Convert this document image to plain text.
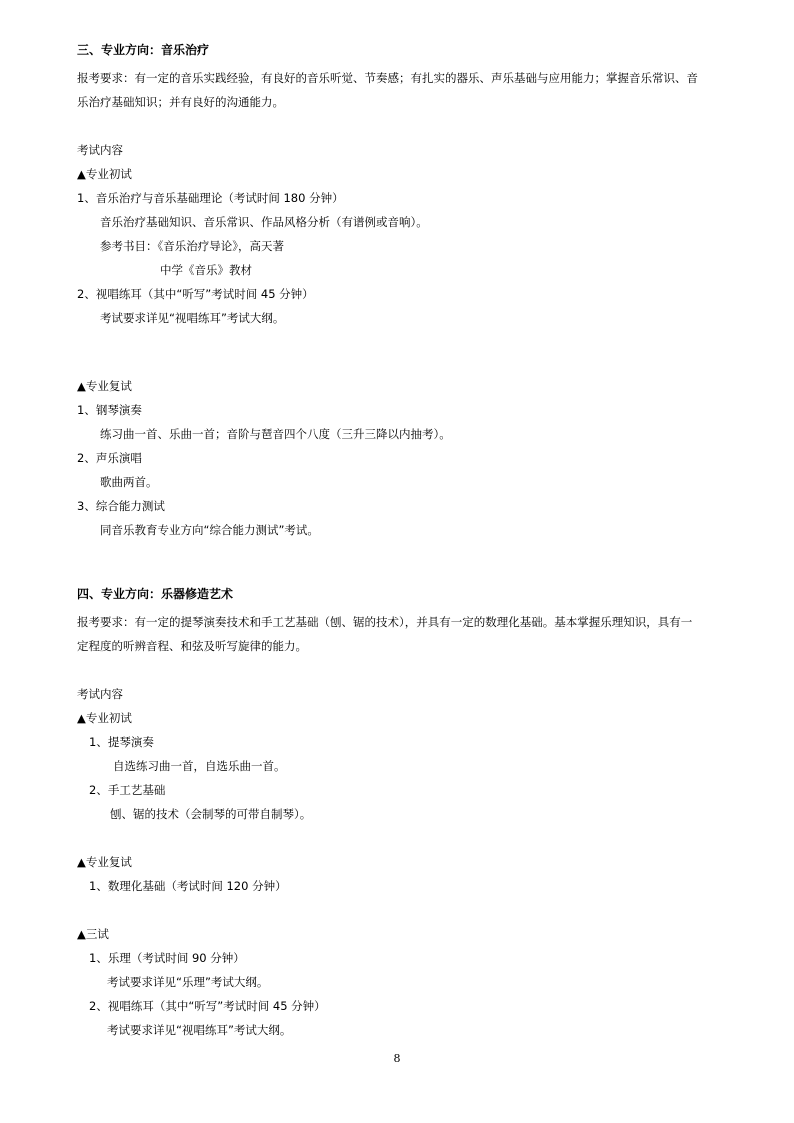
三、专业方向：音乐治疗
报考要求：有一定的音乐实践经验，有良好的音乐听觉、节奏感；有扎实的器乐、声乐基础与应用能力；掌握音乐常识、音
乐治疗基础知识；并有良好的沟通能力。
考试内容
▲专业初试
1、音乐治疗与音乐基础理论（考试时间 180 分钟）
音乐治疗基础知识、音乐常识、作品风格分析（有谱例或音响）。
参考书目：《音乐治疗导论》，高天著
中学《音乐》教材
2、视唱练耳（其中“听写”考试时间 45 分钟）
考试要求详见“视唱练耳”考试大纲。
▲专业复试
1、钢琴演奏
练习曲一首、乐曲一首；音阶与琶音四个八度（三升三降以内抽考）。
2、声乐演唱
歌曲两首。
3、综合能力测试
同音乐教育专业方向“综合能力测试”考试。
四、专业方向：乐器修造艺术
报考要求：有一定的提琴演奏技术和手工艺基础（刨、锯的技术），并具有一定的数理化基础。基本掌握乐理知识，具有一
定程度的听辨音程、和弦及听写旋律的能力。
考试内容
▲专业初试
1、提琴演奏
自选练习曲一首，自选乐曲一首。
2、手工艺基础
刨、锯的技术（会制琴的可带自制琴）。
▲专业复试
1、数理化基础（考试时间 120 分钟）
▲三试
1、乐理（考试时间 90 分钟）
考试要求详见“乐理”考试大纲。
2、视唱练耳（其中“听写”考试时间 45 分钟）
考试要求详见“视唱练耳”考试大纲。
8
